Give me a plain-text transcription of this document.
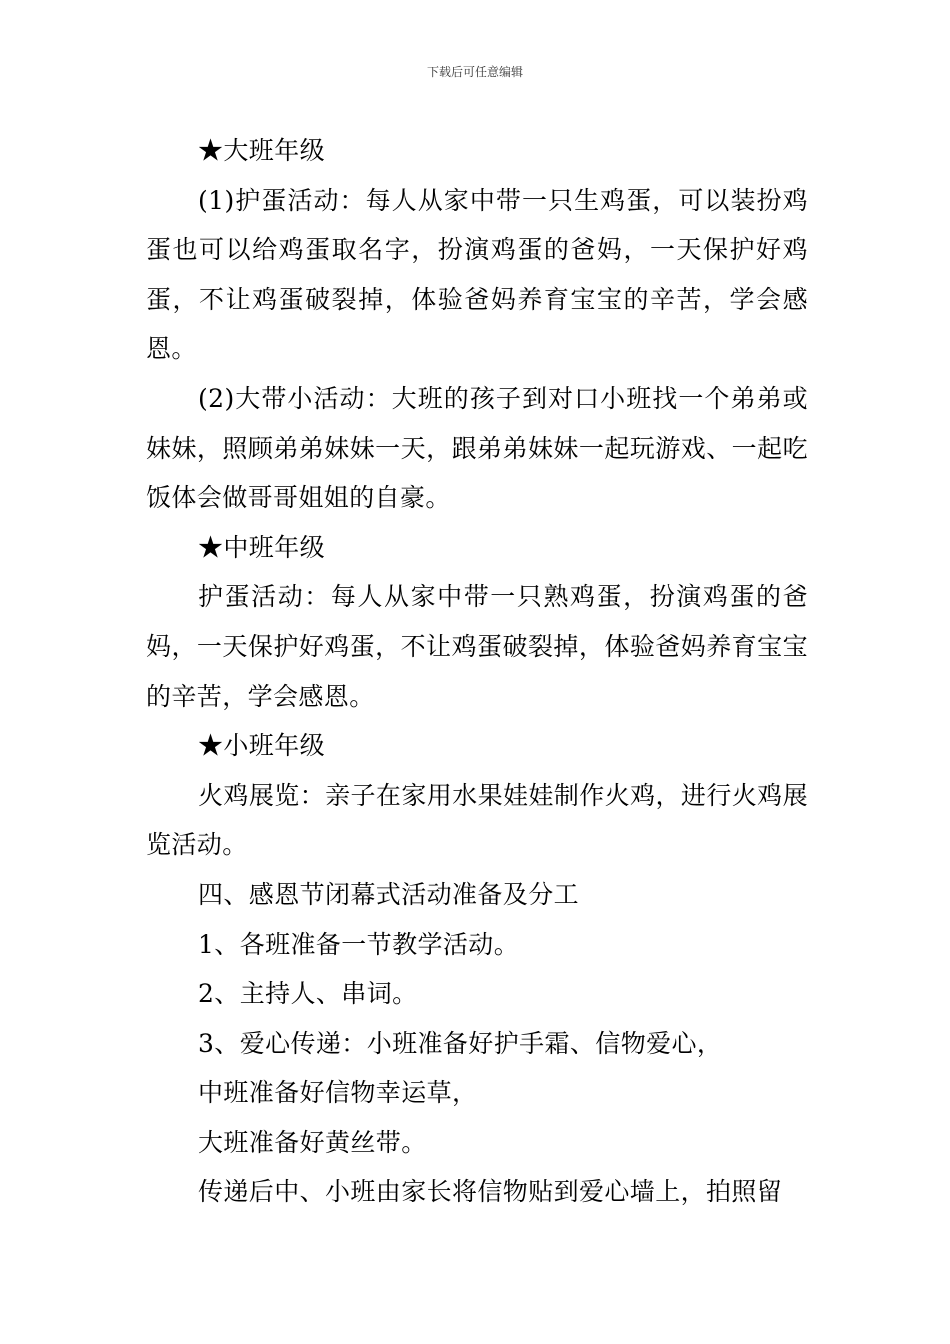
下载后可任意编辑

★大班年级

(1)护蛋活动：每人从家中带一只生鸡蛋，可以装扮鸡蛋也可以给鸡蛋取名字，扮演鸡蛋的爸妈，一天保护好鸡蛋，不让鸡蛋破裂掉，体验爸妈养育宝宝的辛苦，学会感恩。

(2)大带小活动：大班的孩子到对口小班找一个弟弟或妹妹，照顾弟弟妹妹一天，跟弟弟妹妹一起玩游戏、一起吃饭体会做哥哥姐姐的自豪。

★中班年级

护蛋活动：每人从家中带一只熟鸡蛋，扮演鸡蛋的爸妈，一天保护好鸡蛋，不让鸡蛋破裂掉，体验爸妈养育宝宝的辛苦，学会感恩。

★小班年级

火鸡展览：亲子在家用水果娃娃制作火鸡，进行火鸡展览活动。

四、感恩节闭幕式活动准备及分工

1、各班准备一节教学活动。

2、主持人、串词。

3、爱心传递：小班准备好护手霜、信物爱心，

中班准备好信物幸运草，

大班准备好黄丝带。

传递后中、小班由家长将信物贴到爱心墙上，拍照留
